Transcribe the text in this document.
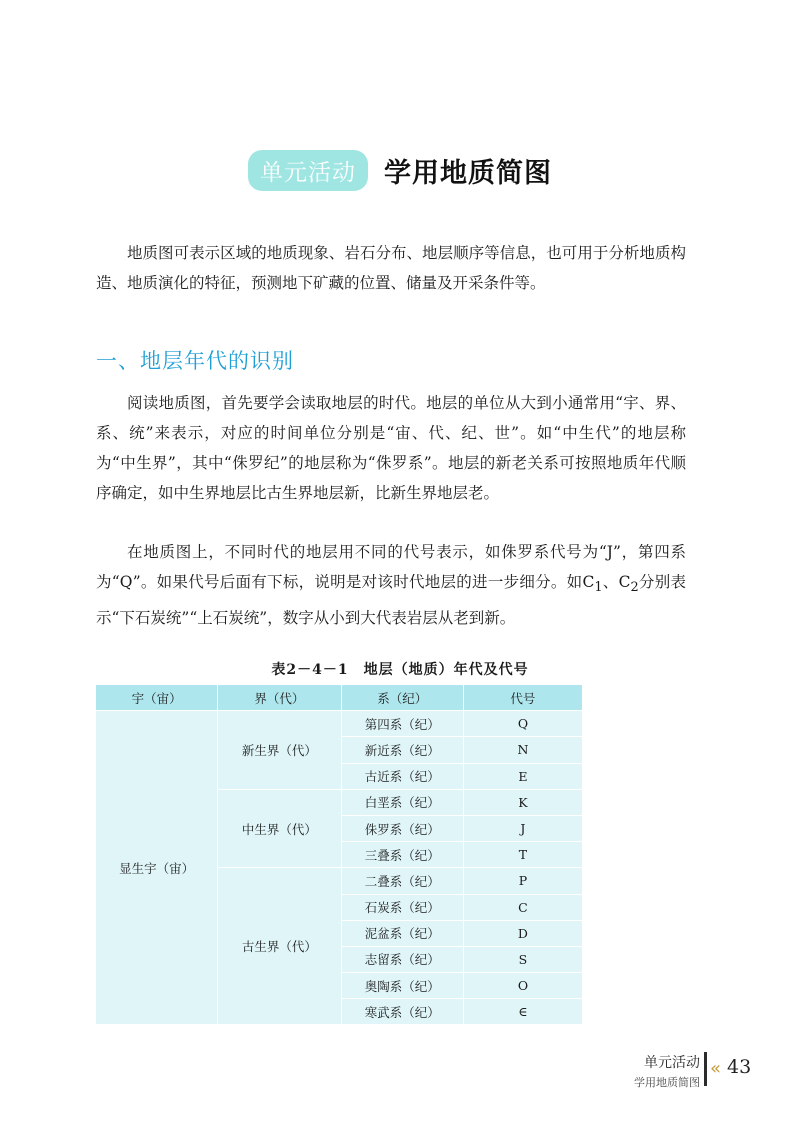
单元活动	学用地质简图
地质图可表示区域的地质现象、岩石分布、地层顺序等信息，也可用于分析地质构造、地质演化的特征，预测地下矿藏的位置、储量及开采条件等。
一、地层年代的识别
阅读地质图，首先要学会读取地层的时代。地层的单位从大到小通常用“宇、界、系、统”来表示，对应的时间单位分别是“宙、代、纪、世”。如“中生代”的地层称为“中生界”，其中“侏罗纪”的地层称为“侏罗系”。地层的新老关系可按照地质年代顺序确定，如中生界地层比古生界地层新，比新生界地层老。
在地质图上，不同时代的地层用不同的代号表示，如侏罗系代号为“J”，第四系为“Q”。如果代号后面有下标，说明是对该时代地层的进一步细分。如$C_1$、$C_2$分别表示“下石炭统”“上石炭统”，数字从小到大代表岩层从老到新。
表2－4－1　地层（地质）年代及代号
宇（宙）	界（代）	系（纪）	代号
显生宇（宙）	新生界（代）	第四系（纪）	Q
		新近系（纪）	N
		古近系（纪）	E
	中生界（代）	白垩系（纪）	K
		侏罗系（纪）	J
		三叠系（纪）	T
	古生界（代）	二叠系（纪）	P
		石炭系（纪）	C
		泥盆系（纪）	D
		志留系（纪）	S
		奥陶系（纪）	O
		寒武系（纪）	∈
单元活动
学用地质简图
« 43
